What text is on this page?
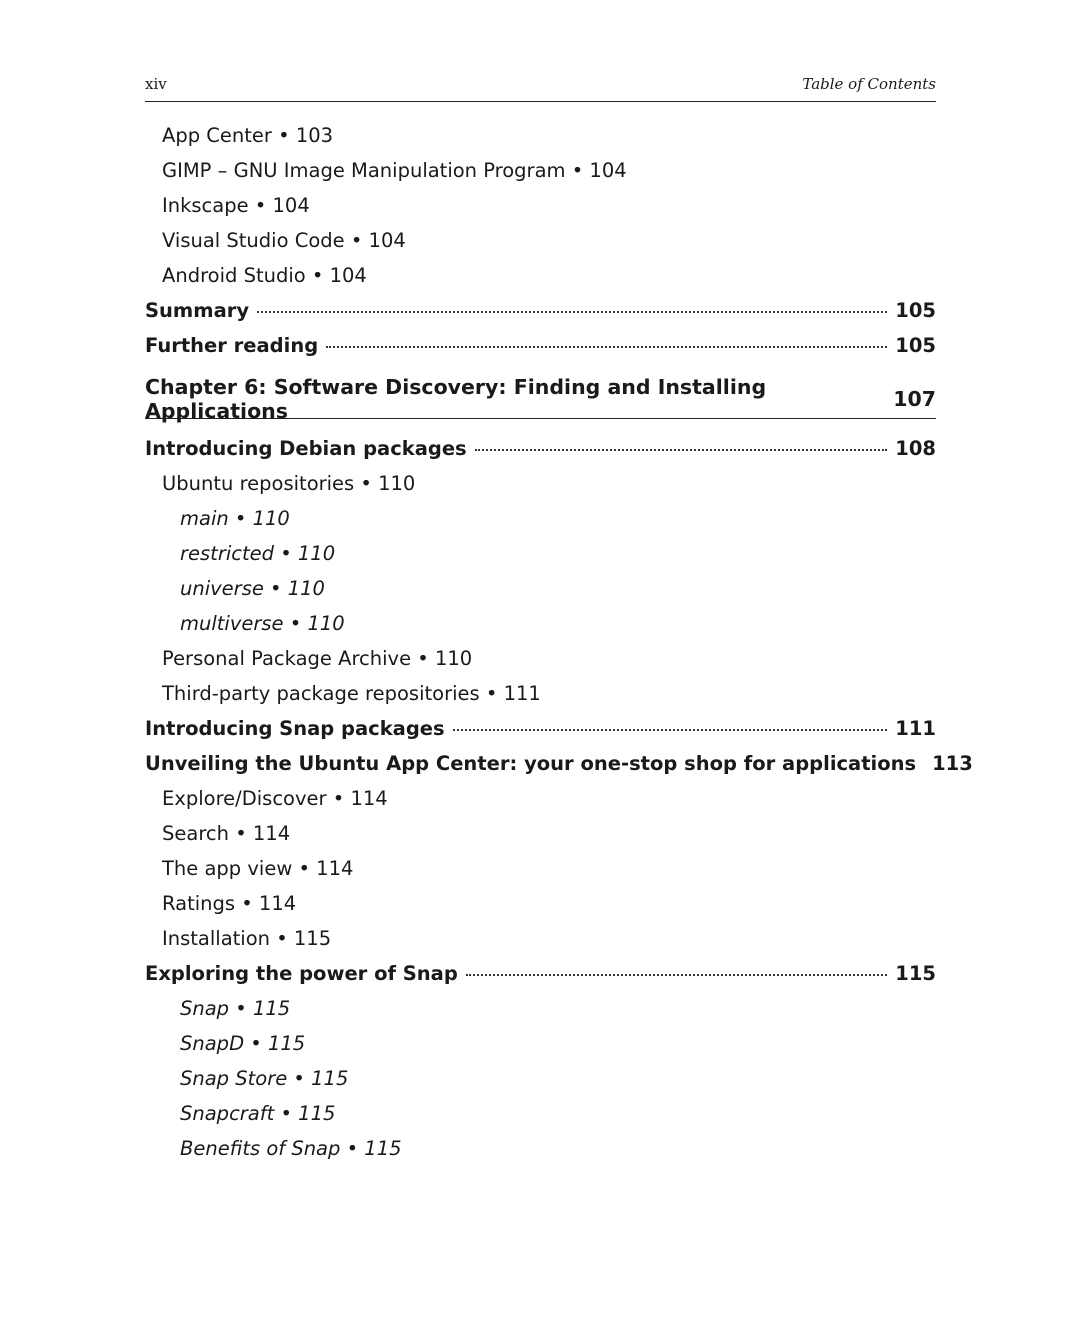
xiv	Table of Contents
App Center • 103
GIMP – GNU Image Manipulation Program • 104
Inkscape • 104
Visual Studio Code • 104
Android Studio • 104
Summary	105
Further reading	105
Chapter 6: Software Discovery: Finding and Installing Applications	107
Introducing Debian packages	108
Ubuntu repositories • 110
main • 110
restricted • 110
universe • 110
multiverse • 110
Personal Package Archive • 110
Third-party package repositories • 111
Introducing Snap packages	111
Unveiling the Ubuntu App Center: your one-stop shop for applications 113
Explore/Discover • 114
Search • 114
The app view • 114
Ratings • 114
Installation • 115
Exploring the power of Snap	115
Snap • 115
SnapD • 115
Snap Store • 115
Snapcraft • 115
Benefits of Snap • 115
